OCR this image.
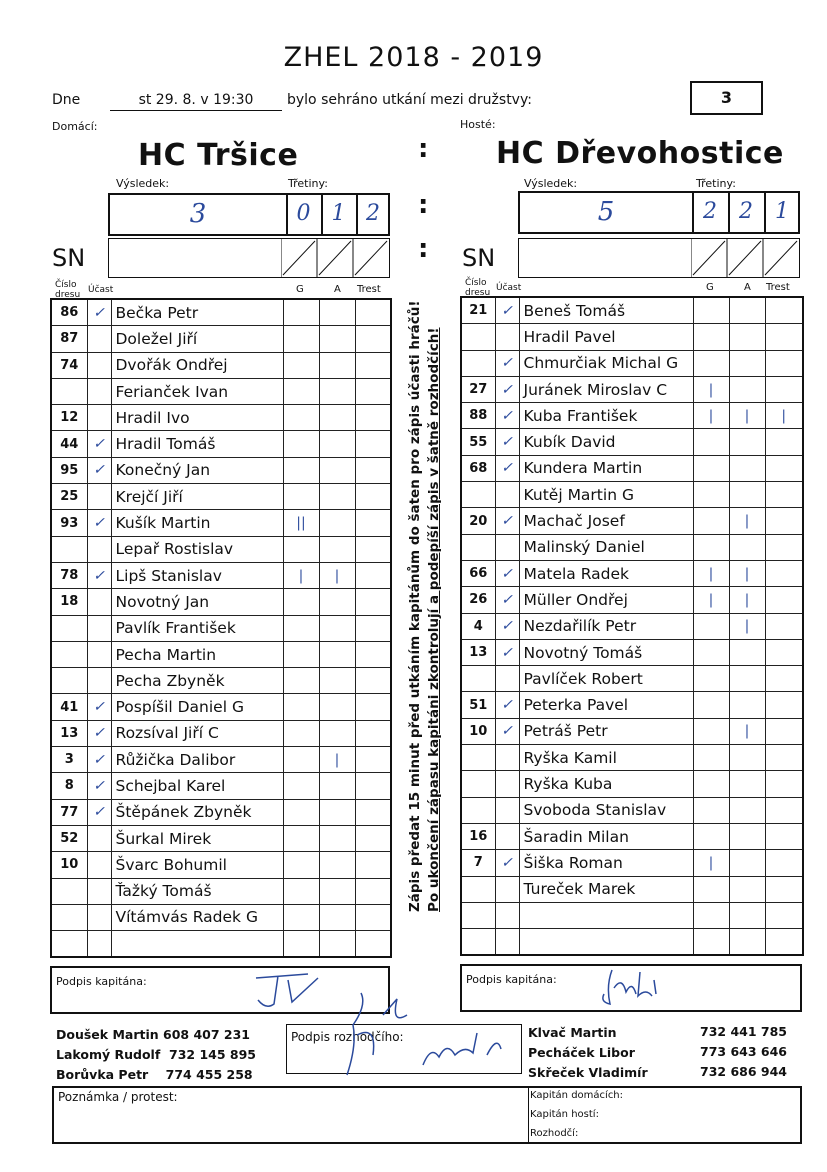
ZHEL 2018 - 2019
Dne	st 29. 8. v 19:30	bylo sehráno utkání mezi družstvy:	3
Domácí:	Hosté:
HC Tršice	HC Dřevohostice
:
:
:
Výsledek:	Třetiny:
3	0 1 2
Výsledek:	Třetiny:
5	2	2	1
SN	SN
Číslo dresu Účast	G	A Trest
Číslo dresu Účast	G	A Trest
86	✓	Bečka Petr			
87		Doležel Jiří			
74		Dvořák Ondřej			
		Ferianček Ivan			
12		Hradil Ivo			
44	✓	Hradil Tomáš			
95	✓	Konečný Jan			
25		Krejčí Jiří			
93	✓	Kušík Martin	||		
		Lepař Rostislav			
78	✓	Lipš Stanislav	|	|	
18		Novotný Jan			
		Pavlík František			
		Pecha Martin			
		Pecha Zbyněk			
41	✓	Pospíšil Daniel G			
13	✓	Rozsíval Jiří C			
3	✓	Růžička Dalibor		|	
8	✓	Schejbal Karel			
77	✓	Štěpánek Zbyněk			
52		Šurkal Mirek			
10		Švarc Bohumil			
		Ťažký Tomáš			
		Vítámvás Radek G			

21	✓	Beneš Tomáš			
		Hradil Pavel			
	✓	Chmurčiak Michal G			
27	✓	Juránek Miroslav C	|		
88	✓	Kuba František	|	|	|
55	✓	Kubík David			
68	✓	Kundera Martin			
		Kutěj Martin G			
20	✓	Machač Josef		|	
		Malinský Daniel			
66	✓	Matela Radek	|	|	
26	✓	Müller Ondřej	|	|	
4	✓	Nezdařilík Petr		|	
13	✓	Novotný Tomáš			
		Pavlíček Robert			
51	✓	Peterka Pavel			
10	✓	Petráš Petr		|	
		Ryška Kamil			
		Ryška Kuba			
		Svoboda Stanislav			
16		Šaradin Milan			
7	✓	Šiška Roman	|		
		Tureček Marek			

Zápis předat 15 minut před utkáním kapitánům do šaten pro zápis účasti hráčů! Po ukončení zápasu kapitáni zkontrolují a podepíší zápis v šatně rozhodčích!
Podpis kapitána:	Podpis kapitána:
Doušek Martin 608 407 231
Lakomý Rudolf 732 145 895
Borůvka Petr 774 455 258
Podpis rozhodčího:	Klvač Martin	732 441 785
Pecháček Libor	773 643 646
Skřeček Vladimír	732 686 944
Poznámka / protest:	Kapitán domácích:
Kapitán hostí:
Rozhodčí:
